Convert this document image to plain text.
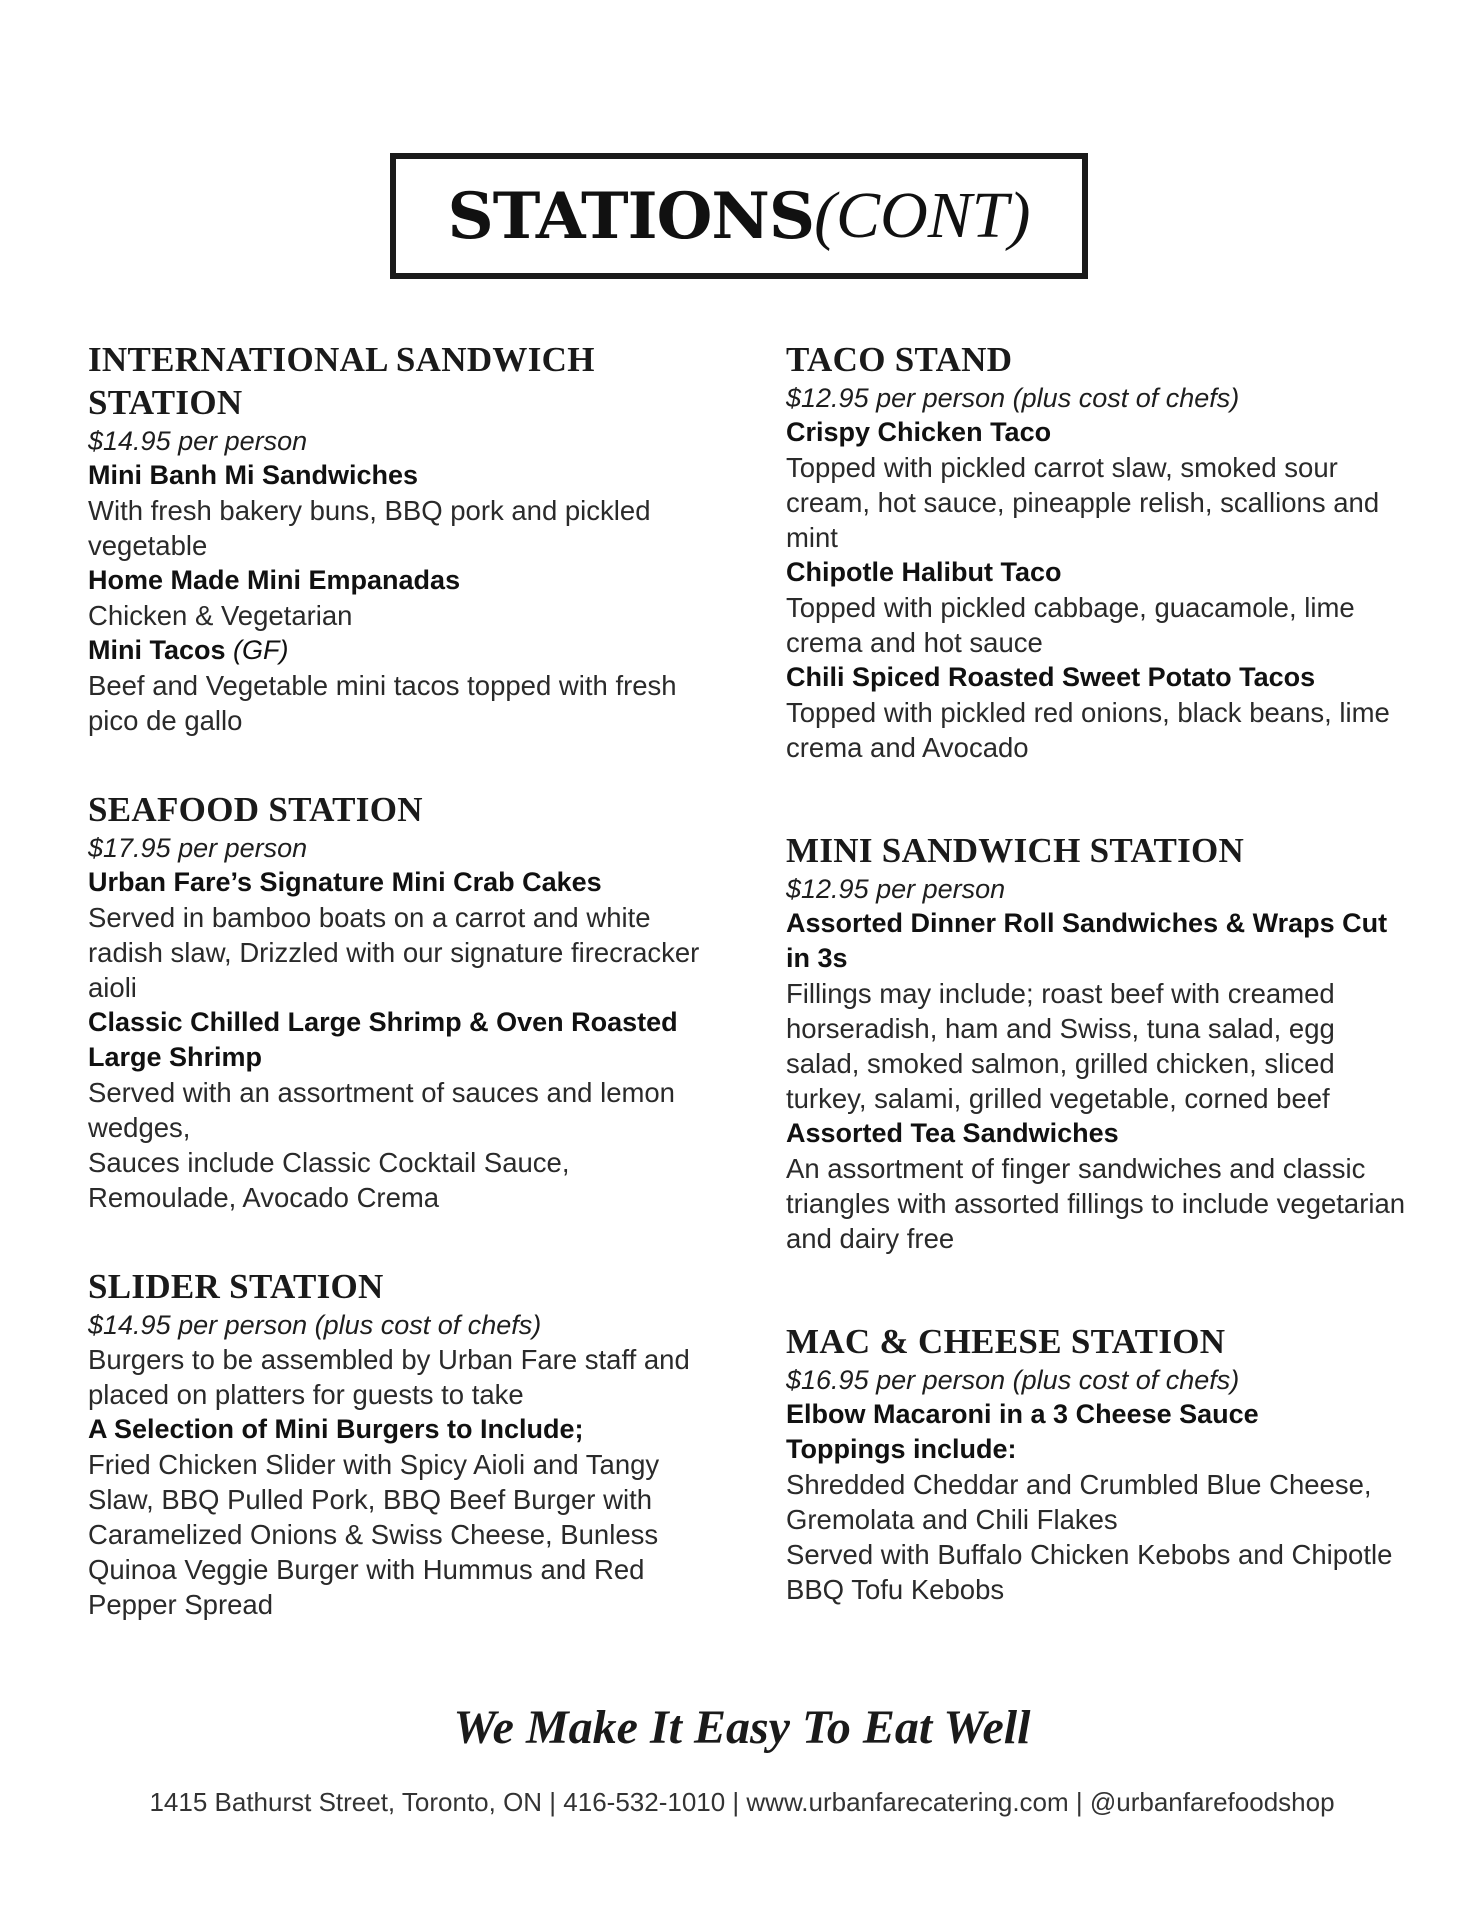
STATIONS (CONT)
INTERNATIONAL SANDWICH STATION
$14.95 per person
Mini Banh Mi Sandwiches
With fresh bakery buns, BBQ pork and pickled vegetable
Home Made Mini Empanadas
Chicken & Vegetarian
Mini Tacos (GF)
Beef and Vegetable mini tacos topped with fresh pico de gallo
SEAFOOD STATION
$17.95 per person
Urban Fare’s Signature Mini Crab Cakes
Served in bamboo boats on a carrot and white radish slaw, Drizzled with our signature firecracker aioli
Classic Chilled Large Shrimp & Oven Roasted Large Shrimp
Served with an assortment of sauces and lemon wedges,
Sauces include Classic Cocktail Sauce, Remoulade, Avocado Crema
SLIDER STATION
$14.95 per person (plus cost of chefs)
Burgers to be assembled by Urban Fare staff and placed on platters for guests to take
A Selection of Mini Burgers to Include;
Fried Chicken Slider with Spicy Aioli and Tangy Slaw, BBQ Pulled Pork, BBQ Beef Burger with Caramelized Onions & Swiss Cheese, Bunless Quinoa Veggie Burger with Hummus and Red Pepper Spread
TACO STAND
$12.95 per person (plus cost of chefs)
Crispy Chicken Taco
Topped with pickled carrot slaw, smoked sour cream, hot sauce, pineapple relish, scallions and mint
Chipotle Halibut Taco
Topped with pickled cabbage, guacamole, lime crema and hot sauce
Chili Spiced Roasted Sweet Potato Tacos
Topped with pickled red onions, black beans, lime crema and Avocado
MINI SANDWICH STATION
$12.95 per person
Assorted Dinner Roll Sandwiches & Wraps Cut in 3s
Fillings may include; roast beef with creamed horseradish, ham and Swiss, tuna salad, egg salad, smoked salmon, grilled chicken, sliced turkey, salami, grilled vegetable, corned beef
Assorted Tea Sandwiches
An assortment of finger sandwiches and classic triangles with assorted fillings to include vegetarian and dairy free
MAC & CHEESE STATION
$16.95 per person (plus cost of chefs)
Elbow Macaroni in a 3 Cheese Sauce
Toppings include:
Shredded Cheddar and Crumbled Blue Cheese, Gremolata and Chili Flakes
Served with Buffalo Chicken Kebobs and Chipotle BBQ Tofu Kebobs
We Make It Easy To Eat Well
1415 Bathurst Street, Toronto, ON | 416-532-1010 | www.urbanfarecatering.com | @urbanfarefoodshop
